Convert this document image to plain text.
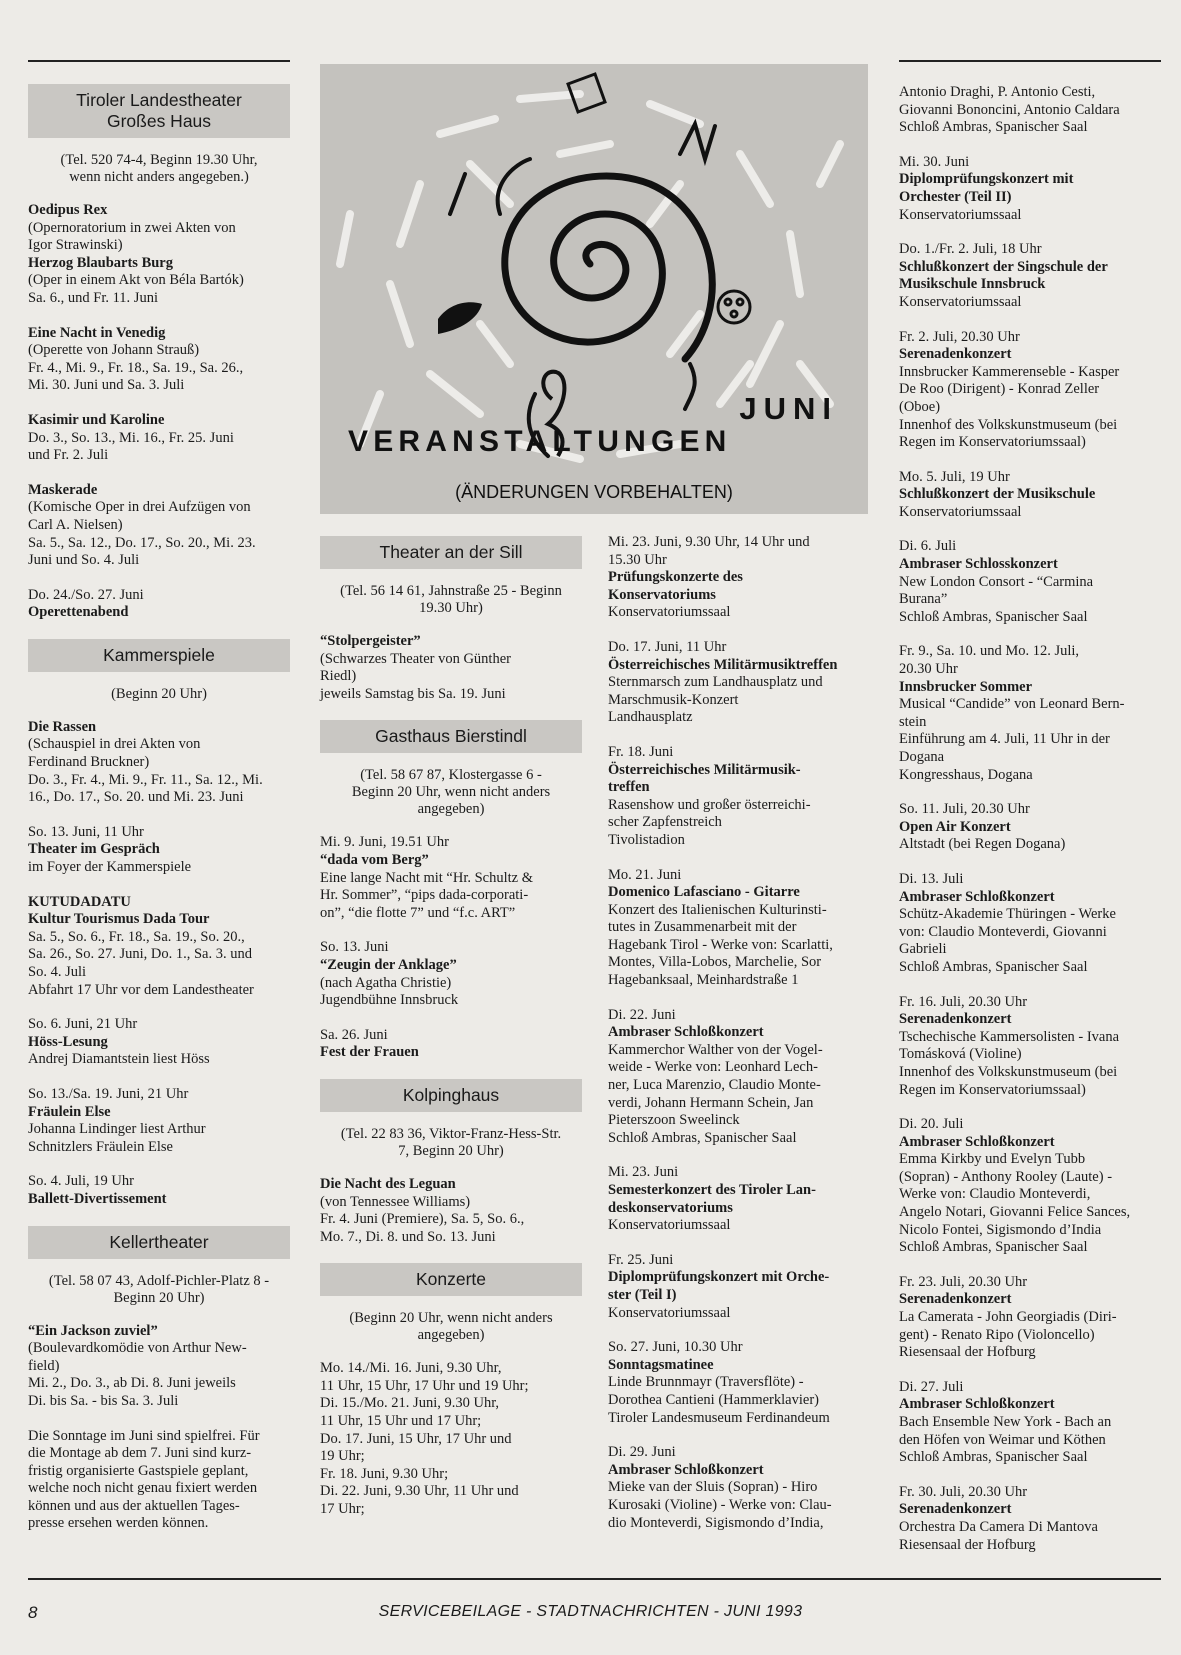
Tiroler Landestheater
Großes Haus
(Tel. 520 74-4, Beginn 19.30 Uhr,
wenn nicht anders angegeben.)
Oedipus Rex
(Opernoratorium in zwei Akten von
Igor Strawinski)
Herzog Blaubarts Burg
(Oper in einem Akt von Béla Bartók)
Sa. 6., und Fr. 11. Juni
Eine Nacht in Venedig
(Operette von Johann Strauß)
Fr. 4., Mi. 9., Fr. 18., Sa. 19., Sa. 26.,
Mi. 30. Juni und Sa. 3. Juli
Kasimir und Karoline
Do. 3., So. 13., Mi. 16., Fr. 25. Juni
und Fr. 2. Juli
Maskerade
(Komische Oper in drei Aufzügen von
Carl A. Nielsen)
Sa. 5., Sa. 12., Do. 17., So. 20., Mi. 23.
Juni und So. 4. Juli
Do. 24./So. 27. Juni
Operettenabend
Kammerspiele
(Beginn 20 Uhr)
Die Rassen
(Schauspiel in drei Akten von
Ferdinand Bruckner)
Do. 3., Fr. 4., Mi. 9., Fr. 11., Sa. 12., Mi.
16., Do. 17., So. 20. und Mi. 23. Juni
So. 13. Juni, 11 Uhr
Theater im Gespräch
im Foyer der Kammerspiele
KUTUDADATU
Kultur Tourismus Dada Tour
Sa. 5., So. 6., Fr. 18., Sa. 19., So. 20.,
Sa. 26., So. 27. Juni, Do. 1., Sa. 3. und
So. 4. Juli
Abfahrt 17 Uhr vor dem Landestheater
So. 6. Juni, 21 Uhr
Höss-Lesung
Andrej Diamantstein liest Höss
So. 13./Sa. 19. Juni, 21 Uhr
Fräulein Else
Johanna Lindinger liest Arthur
Schnitzlers Fräulein Else
So. 4. Juli, 19 Uhr
Ballett-Divertissement
Kellertheater
(Tel. 58 07 43, Adolf-Pichler-Platz 8 -
Beginn 20 Uhr)
“Ein Jackson zuviel”
(Boulevardkomödie von Arthur New-
field)
Mi. 2., Do. 3., ab Di. 8. Juni jeweils
Di. bis Sa. - bis Sa. 3. Juli
Die Sonntage im Juni sind spielfrei. Für
die Montage ab dem 7. Juni sind kurz-
fristig organisierte Gastspiele geplant,
welche noch nicht genau fixiert werden
können und aus der aktuellen Tages-
presse ersehen werden können.
JUNI
VERANSTALTUNGEN
(ÄNDERUNGEN VORBEHALTEN)
Theater an der Sill
(Tel. 56 14 61, Jahnstraße 25 - Beginn
19.30 Uhr)
“Stolpergeister”
(Schwarzes Theater von Günther
Riedl)
jeweils Samstag bis Sa. 19. Juni
Gasthaus Bierstindl
(Tel. 58 67 87, Klostergasse 6 -
Beginn 20 Uhr, wenn nicht anders
angegeben)
Mi. 9. Juni, 19.51 Uhr
“dada vom Berg”
Eine lange Nacht mit “Hr. Schultz &
Hr. Sommer”, “pips dada-corporati-
on”, “die flotte 7” und “f.c. ART”
So. 13. Juni
“Zeugin der Anklage”
(nach Agatha Christie)
Jugendbühne Innsbruck
Sa. 26. Juni
Fest der Frauen
Kolpinghaus
(Tel. 22 83 36, Viktor-Franz-Hess-Str.
7, Beginn 20 Uhr)
Die Nacht des Leguan
(von Tennessee Williams)
Fr. 4. Juni (Premiere), Sa. 5, So. 6.,
Mo. 7., Di. 8. und So. 13. Juni
Konzerte
(Beginn 20 Uhr, wenn nicht anders
angegeben)
Mo. 14./Mi. 16. Juni, 9.30 Uhr,
11 Uhr, 15 Uhr, 17 Uhr und 19 Uhr;
Di. 15./Mo. 21. Juni, 9.30 Uhr,
11 Uhr, 15 Uhr und 17 Uhr;
Do. 17. Juni, 15 Uhr, 17 Uhr und
19 Uhr;
Fr. 18. Juni, 9.30 Uhr;
Di. 22. Juni, 9.30 Uhr, 11 Uhr und
17 Uhr;
Mi. 23. Juni, 9.30 Uhr, 14 Uhr und
15.30 Uhr
Prüfungskonzerte des
Konservatoriums
Konservatoriumssaal
Do. 17. Juni, 11 Uhr
Österreichisches Militärmusiktreffen
Sternmarsch zum Landhausplatz und
Marschmusik-Konzert
Landhausplatz
Fr. 18. Juni
Österreichisches Militärmusik-
treffen
Rasenshow und großer österreichi-
scher Zapfenstreich
Tivolistadion
Mo. 21. Juni
Domenico Lafasciano - Gitarre
Konzert des Italienischen Kulturinsti-
tutes in Zusammenarbeit mit der
Hagebank Tirol - Werke von: Scarlatti,
Montes, Villa-Lobos, Marchelie, Sor
Hagebanksaal, Meinhardstraße 1
Di. 22. Juni
Ambraser Schloßkonzert
Kammerchor Walther von der Vogel-
weide - Werke von: Leonhard Lech-
ner, Luca Marenzio, Claudio Monte-
verdi, Johann Hermann Schein, Jan
Pieterszoon Sweelinck
Schloß Ambras, Spanischer Saal
Mi. 23. Juni
Semesterkonzert des Tiroler Lan-
deskonservatoriums
Konservatoriumssaal
Fr. 25. Juni
Diplomprüfungskonzert mit Orche-
ster (Teil I)
Konservatoriumssaal
So. 27. Juni, 10.30 Uhr
Sonntagsmatinee
Linde Brunnmayr (Traversflöte) -
Dorothea Cantieni (Hammerklavier)
Tiroler Landesmuseum Ferdinandeum
Di. 29. Juni
Ambraser Schloßkonzert
Mieke van der Sluis (Sopran) - Hiro
Kurosaki (Violine) - Werke von: Clau-
dio Monteverdi, Sigismondo d’India,
Antonio Draghi, P. Antonio Cesti,
Giovanni Bononcini, Antonio Caldara
Schloß Ambras, Spanischer Saal
Mi. 30. Juni
Diplomprüfungskonzert mit
Orchester (Teil II)
Konservatoriumssaal
Do. 1./Fr. 2. Juli, 18 Uhr
Schlußkonzert der Singschule der
Musikschule Innsbruck
Konservatoriumssaal
Fr. 2. Juli, 20.30 Uhr
Serenadenkonzert
Innsbrucker Kammerenseble - Kasper
De Roo (Dirigent) - Konrad Zeller
(Oboe)
Innenhof des Volkskunstmuseum (bei
Regen im Konservatoriumssaal)
Mo. 5. Juli, 19 Uhr
Schlußkonzert der Musikschule
Konservatoriumssaal
Di. 6. Juli
Ambraser Schlosskonzert
New London Consort - “Carmina
Burana”
Schloß Ambras, Spanischer Saal
Fr. 9., Sa. 10. und Mo. 12. Juli,
20.30 Uhr
Innsbrucker Sommer
Musical “Candide” von Leonard Bern-
stein
Einführung am 4. Juli, 11 Uhr in der
Dogana
Kongresshaus, Dogana
So. 11. Juli, 20.30 Uhr
Open Air Konzert
Altstadt (bei Regen Dogana)
Di. 13. Juli
Ambraser Schloßkonzert
Schütz-Akademie Thüringen - Werke
von: Claudio Monteverdi, Giovanni
Gabrieli
Schloß Ambras, Spanischer Saal
Fr. 16. Juli, 20.30 Uhr
Serenadenkonzert
Tschechische Kammersolisten - Ivana
Tomásková (Violine)
Innenhof des Volkskunstmuseum (bei
Regen im Konservatoriumssaal)
Di. 20. Juli
Ambraser Schloßkonzert
Emma Kirkby und Evelyn Tubb
(Sopran) - Anthony Rooley (Laute) -
Werke von: Claudio Monteverdi,
Angelo Notari, Giovanni Felice Sances,
Nicolo Fontei, Sigismondo d’India
Schloß Ambras, Spanischer Saal
Fr. 23. Juli, 20.30 Uhr
Serenadenkonzert
La Camerata - John Georgiadis (Diri-
gent) - Renato Ripo (Violoncello)
Riesensaal der Hofburg
Di. 27. Juli
Ambraser Schloßkonzert
Bach Ensemble New York - Bach an
den Höfen von Weimar und Köthen
Schloß Ambras, Spanischer Saal
Fr. 30. Juli, 20.30 Uhr
Serenadenkonzert
Orchestra Da Camera Di Mantova
Riesensaal der Hofburg
8	SERVICEBEILAGE - STADTNACHRICHTEN - JUNI 1993
